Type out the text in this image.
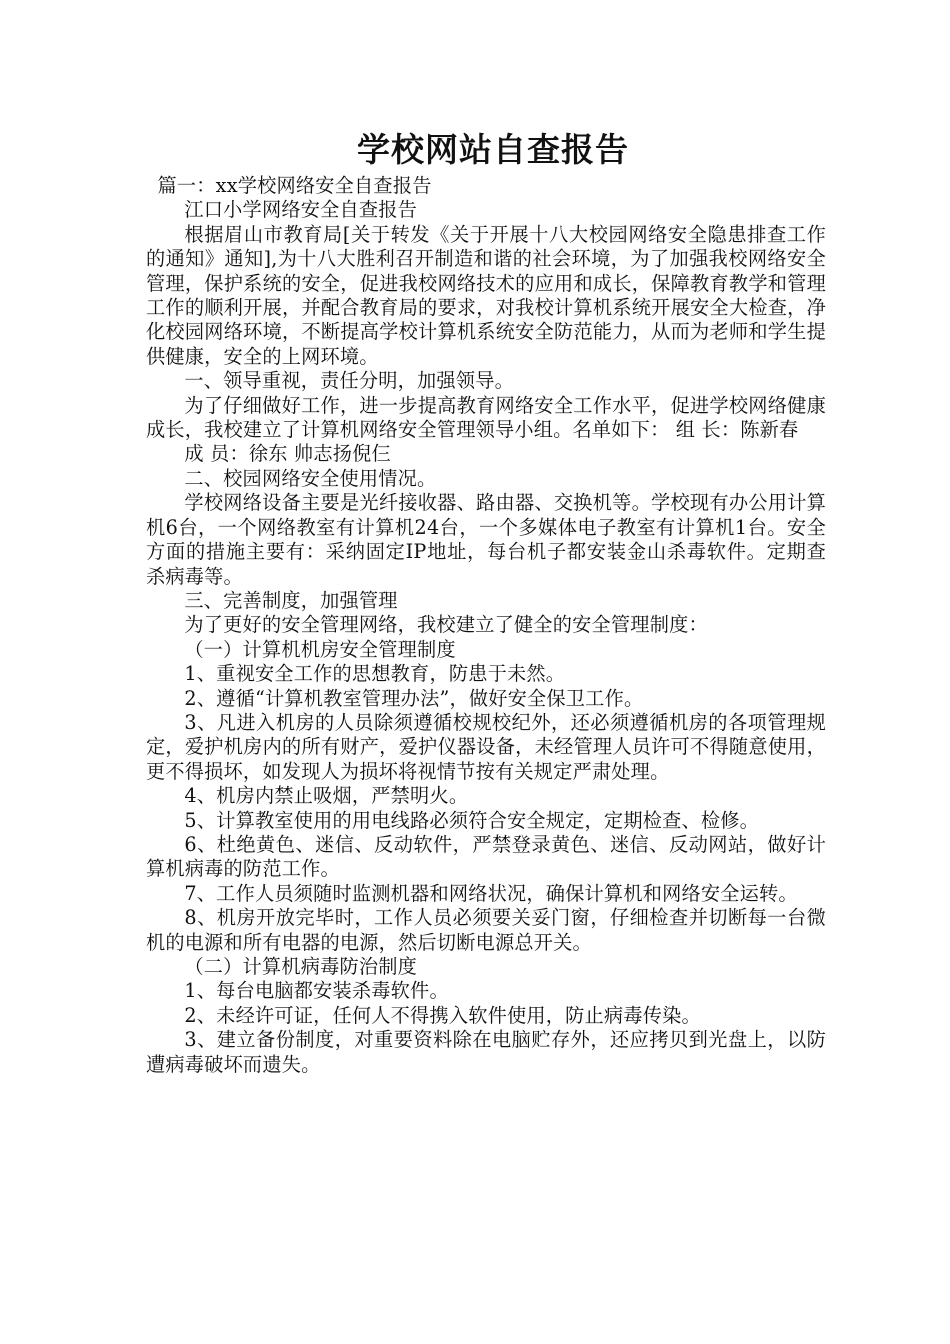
学校网站自查报告

篇一：xx学校网络安全自查报告

江口小学网络安全自查报告

根据眉山市教育局[关于转发《关于开展十八大校园网络安全隐患排查工作的通知》通知],为十八大胜利召开制造和谐的社会环境，为了加强我校网络安全管理，保护系统的安全，促进我校网络技术的应用和成长，保障教育教学和管理工作的顺利开展，并配合教育局的要求，对我校计算机系统开展安全大检查，净化校园网络环境，不断提高学校计算机系统安全防范能力，从而为老师和学生提供健康，安全的上网环境。

一、领导重视，责任分明，加强领导。

为了仔细做好工作，进一步提高教育网络安全工作水平，促进学校网络健康成长，我校建立了计算机网络安全管理领导小组。名单如下： 组 长：陈新春

成 员：徐东 帅志扬倪仨

二、校园网络安全使用情况。

学校网络设备主要是光纤接收器、路由器、交换机等。学校现有办公用计算机6台，一个网络教室有计算机24台，一个多媒体电子教室有计算机1台。安全方面的措施主要有：采纳固定IP地址，每台机子都安装金山杀毒软件。定期查杀病毒等。

三、完善制度，加强管理

为了更好的安全管理网络，我校建立了健全的安全管理制度：

（一）计算机机房安全管理制度

1、重视安全工作的思想教育，防患于未然。

2、遵循“计算机教室管理办法”，做好安全保卫工作。

3、凡进入机房的人员除须遵循校规校纪外，还必须遵循机房的各项管理规定，爱护机房内的所有财产，爱护仪器设备，未经管理人员许可不得随意使用，更不得损坏，如发现人为损坏将视情节按有关规定严肃处理。

4、机房内禁止吸烟，严禁明火。

5、计算教室使用的用电线路必须符合安全规定，定期检查、检修。

6、杜绝黄色、迷信、反动软件，严禁登录黄色、迷信、反动网站，做好计算机病毒的防范工作。

7、工作人员须随时监测机器和网络状况，确保计算机和网络安全运转。

8、机房开放完毕时，工作人员必须要关妥门窗，仔细检查并切断每一台微机的电源和所有电器的电源，然后切断电源总开关。

（二）计算机病毒防治制度

1、每台电脑都安装杀毒软件。

2、未经许可证，任何人不得携入软件使用，防止病毒传染。

3、建立备份制度，对重要资料除在电脑贮存外，还应拷贝到光盘上，以防遭病毒破坏而遗失。
